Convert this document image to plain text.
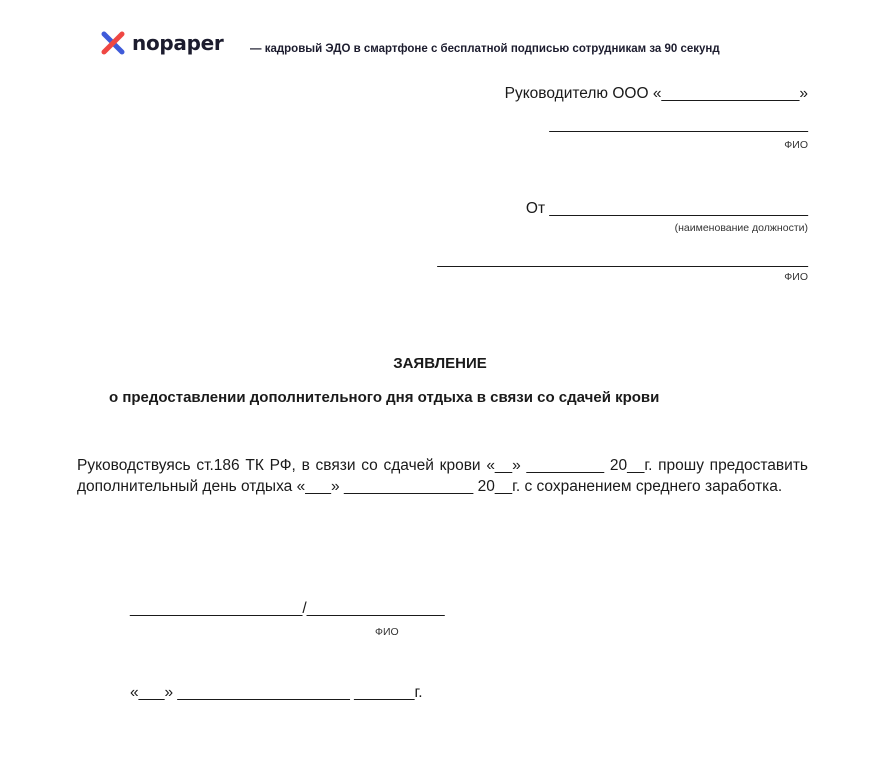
nopaper — кадровый ЭДО в смартфоне с бесплатной подписью сотрудникам за 90 секунд
Руководителю ООО «________________»
______________________________
ФИО
От ______________________________
(наименование должности)
___________________________________________
ФИО
ЗАЯВЛЕНИЕ
о предоставлении дополнительного дня отдыха в связи со сдачей крови
Руководствуясь ст.186 ТК РФ, в связи со сдачей крови «__» _________ 20__г. прошу предоставить дополнительный день отдыха «___» _______________ 20__г. с сохранением среднего заработка.
____________________/________________
ФИО
«___» ____________________ _______г.
